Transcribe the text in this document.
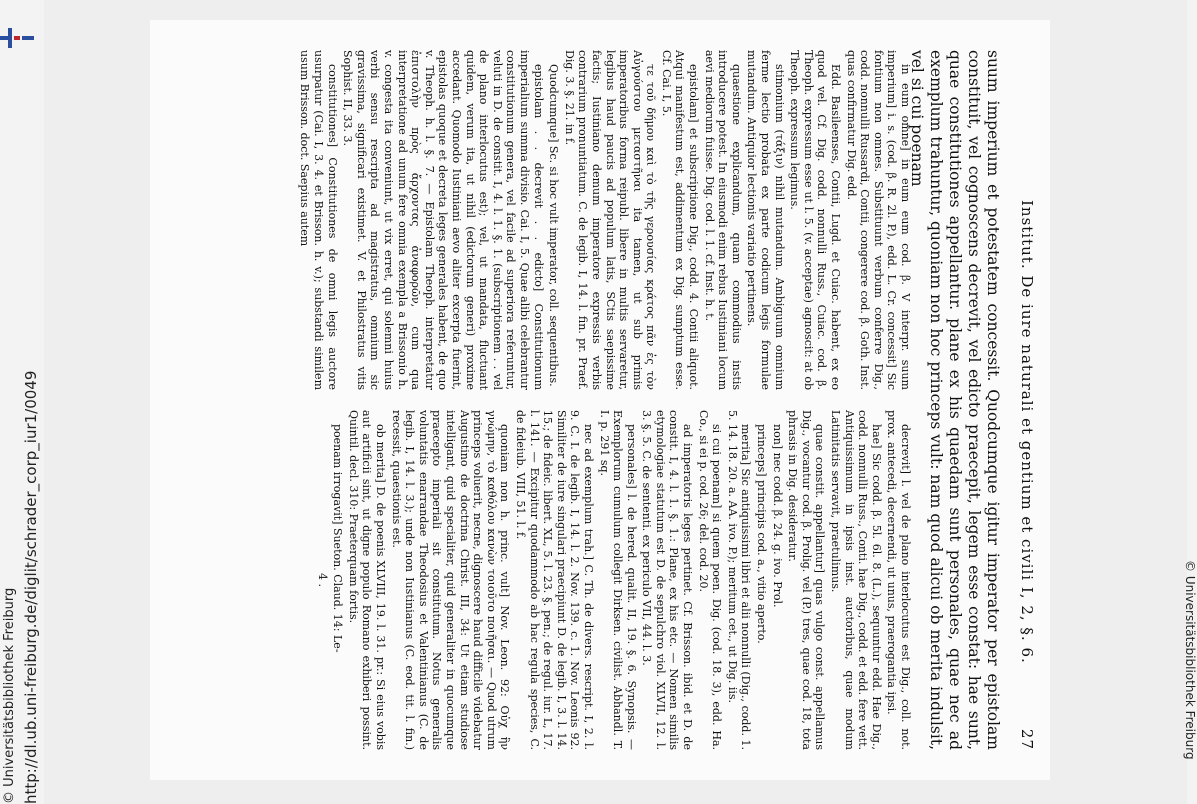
http://dl.ub.uni-freiburg.de/diglit/schrader_corp_iur1/0049
© Universitätsbibliothek Freiburg	© Universitätsbibliothek Freiburg
Institut. De iure naturali et gentium et civili I, 2, §. 6.
27
suum imperium et potestatem concessit. Quodcumque igitur imperator per epistolam constituit, vel cognoscens decrevit, vel edicto praecepit, legem esse constat: hae sunt, quae constitutiones appellantur. plane ex his quaedam sunt personales, quae nec ad exemplum trahuntur, quoniam non hoc princeps vult: nam quod alicui ob merita indulsit, vel si cui poenam

in eum omne] in eum eum cod. β. V interpr. suum imperium] i. s. (cod. β. R. 2l. P.), edd. L. Cr. concessit] Sic fontium non omnes. Substituunt verbum conferre Dig., codd. nonnulli Russardi, Contii, congerere cod. β. Goth. Inst. quas confirmatur Dig. edd.

Edd. Basileenses, Contii, Lugd. et Cuiac. habent, ex eo quod vel. Cf. Dig. codd. nonnulli Russ., Cuiac. cod. β. Theoph. expressum esse ut l. 5. (v. acceptae) agnoscit: at ob Theoph. expressum legimus.

stimonium (τάξιν) nihil mutandum. Ambiguum omnium ferme lectio probata ex parte codicum legis formulae mutandum. Antiquior lectionis variatio pertinens.

quaestione explicandum, quam commodius instis introducere potest. In eiusmodi enim rebus Iustiniani locum aevi mediorum fuisse. Dig. cod. l. 1. cf. Inst. h. t.

epistolam] et subscriptione Dig., codd. 4. Contii aliquot. Atqui manifestum est, addimentum ex Dig. sumptum esse. Cf. Cai. I, 5.

τε τοῦ δήμου καὶ τὸ τῆς γερουσίας κράτος πᾶν ἐς τὸν Αὐγούστου μεταστῆναι ita tamen, ut sub primis imperatoribus forma reipubl. libere in multis servaretur, legibus haud paucis ad populum latis, SCtis saepissime factis; Iustiniano demum imperatore expressis verbis contrarium pronuntiatum. C. de legib. I, 14. l. fin. pr. Praef. Dig. 3. §. 21. in f.

Quodcumque] Sc. si hoc vult imperator, coll. sequentibus.

epistolam . . decrevit . . edicto] Constitutionum imperialium summa divisio. Cai. I, 5. Quae alibi celebrantur constitutionum genera, vel facile ad superiora referuntur, veluti in D. de constit. I, 4. l. 1. §. 1. (subscriptionem . . vel de plano interlocutus est); vel, ut mandata, fluctuant quidem, verum ita, ut nihil (edictorum generi) proxime accedant. Quomodo Iustiniani aevo aliter excerpta fuerint, epistolas quoque et decreta leges generales habent, de quo v. Theoph. h. l. §. 7. — Epistolam Theoph. interpretatur ἐπιστολὴν πρὸς ἄρχοντας ἀναφορῶν, cum qua interpretatione ad unum fere omnia exempla a Brissonio h. v. congesta ita conveniunt, ut vix erret, qui solemni huius verbi sensu rescripta ad magistratus, omnium sic gravissima, significari existimet. V. et Philostratus vitis Sophist. II, 33. 3.

constitutiones] Constitutiones de omni legis auctore usurpatur (Cai. I, 3. 4. et Brisson. h. v.); substandi similem usum Brisson. doct. Saepius autem

decrevit] l. vel de plano interlocutus est Dig., coll. not. prox. antecedi, decernendi, ut unus, praerogantia ipsi.

hae] Sic codd. β. 5l. 6l. 8. (L.), sequuntur edd. Hae Dig., codd. nonnulli Russ., Conti. hae Dig., codd. et edd. fere vett. Antiquissimum in ipsis inst. auctoribus, quae modum Latinitatis servavit, praetulimus.

quae constit. appellantur] quas vulgo const. appellamus Dig., vocantur cod. β. Prolig. vel (P.) tres, quae cod. 18, tota phrasis in Dig. desideratur.

non] nec codd. β. 24. g. ivo. Prol.

princeps] principis cod. a., vitio aperto.

merita] Sic antiquissimi libri et alii nonnulli (Dig., codd. 1. 5. 14. 18. 20. a. AA. ivo. P.); meritum cet., ut Dig. iis.

si cui poenam] si quem poen. Dig. (cod. 18. 3), edd. Ha. Co., si ei p. cod. 26; del. cod. 20.

ad imperatoris leges pertinet. Cf. Brisson. ibid. et D. de constit. I, 4. l. 1. §. 1.: Plane, ex his etc. — Nomen similis etymologiae statutum est D. de sepulchro viol. XLVII, 12. l. 3. §. 5. C. de sententi. ex periculo VII, 44. l. 3.

personales] l. de hered. qualit. II, 19. §. 6. Synopsis. — Exemplorum cumulum collegit Dirksen. civilist. Abhandl. T. I. p. 291 sq.

nec ad exemplum trah.] C. Th. de divers. rescript. I, 2. l. 9. C. I. de legib. I, 14. l. 2. Nov. 139. c. 1. Nov. Leonis 92. Similiter de iure singulari praecipiunt D. de legib. I, 3. l. 14. 15.; de fideic. libert. XL, 5. l. 23. §. pen.; de regul. iur. L, 17. l. 141. — Excipitur quodammodo ab hac regula species, C. de fideiub. VIII, 51. l. f.

quoniam non h. princ. vult] Nov. Leon. 92: Οὐχ ἣν γνώμην, τὸ καθόλου κανὼν τοιοῦτο ποιῆσαι. — Quod utrum princeps voluerit, necne, dignoscere haud difficile videbatur Augustino de doctrina Christ. III, 34: Ut etiam studiose intelligant, quid specialiter, quid generaliter in quocumque praecepto imperiali sit constitutum. Notus generalis voluntatis enarrandae Theodosius et Valentinianus (C. de legib. I, 14. l. 3.); unde non Iustinianus (C. eod. tit. l. fin.) recessit, quaestionis est.

ob merita] D. de poenis XLVIII, 19. l. 31. pr.: Si eius vobis aut artificii sint, ut digne populo Romano exhiberi possint. Quintil. decl. 310: Praeterquam fortis.

poenam irrogavit] Sueton. Claud. 14: Le-

4 .
